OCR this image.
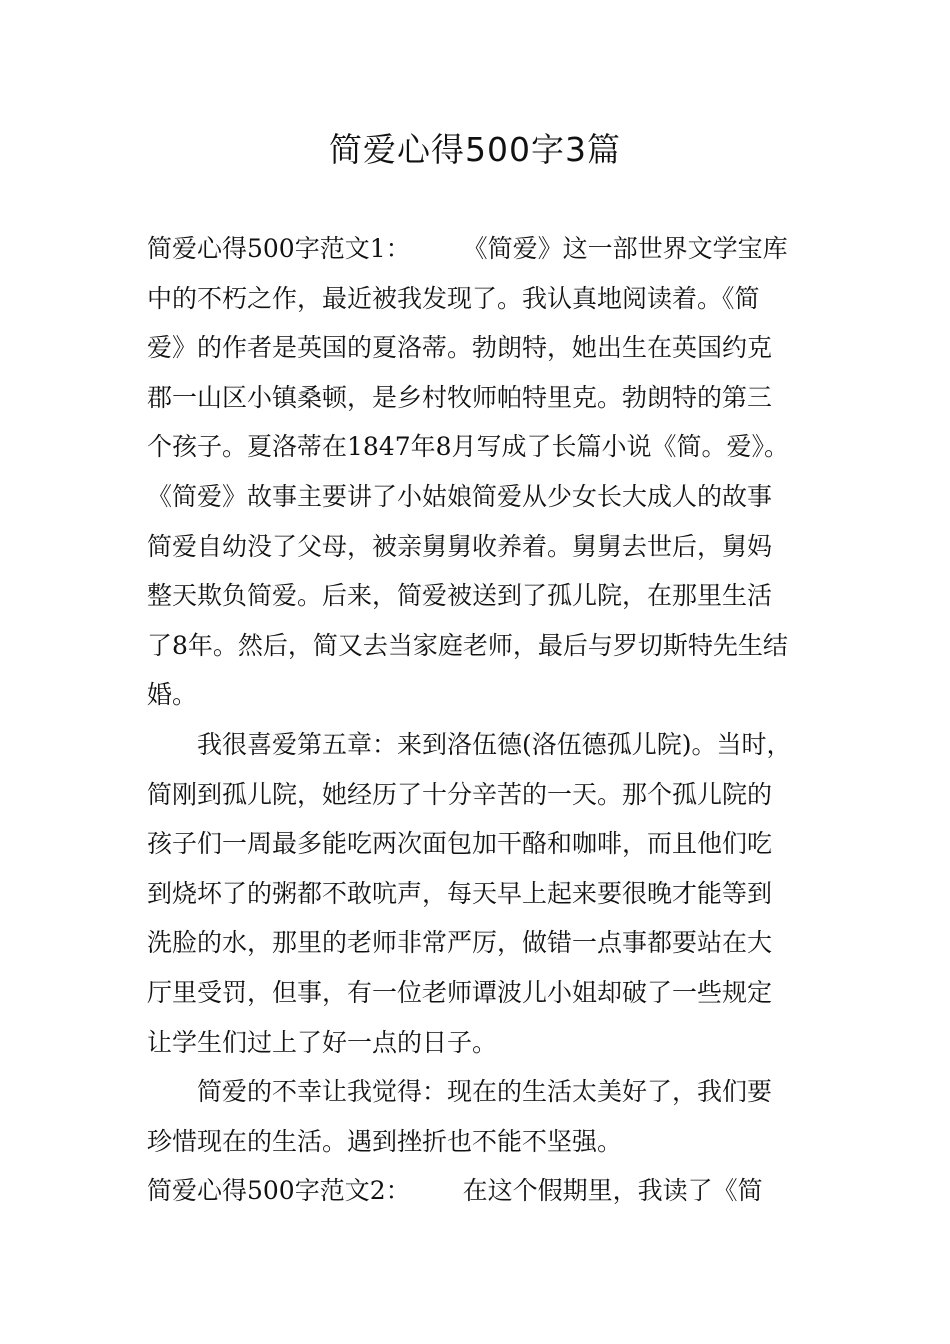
简爱心得500字3篇
简爱心得500字范文1： 《简爱》这一部世界文学宝库
中的不朽之作，最近被我发现了。我认真地阅读着。《简
爱》的作者是英国的夏洛蒂。勃朗特，她出生在英国约克
郡一山区小镇桑顿，是乡村牧师帕特里克。勃朗特的第三
个孩子。夏洛蒂在1847年8月写成了长篇小说《简。爱》。
《简爱》故事主要讲了小姑娘简爱从少女长大成人的故事
简爱自幼没了父母，被亲舅舅收养着。舅舅去世后，舅妈
整天欺负简爱。后来，简爱被送到了孤儿院，在那里生活
了8年。然后，简又去当家庭老师，最后与罗切斯特先生结
婚。
我很喜爱第五章：来到洛伍德(洛伍德孤儿院)。当时，
简刚到孤儿院，她经历了十分辛苦的一天。那个孤儿院的
孩子们一周最多能吃两次面包加干酪和咖啡，而且他们吃
到烧坏了的粥都不敢吭声，每天早上起来要很晚才能等到
洗脸的水，那里的老师非常严厉，做错一点事都要站在大
厅里受罚，但事，有一位老师谭波儿小姐却破了一些规定
让学生们过上了好一点的日子。
简爱的不幸让我觉得：现在的生活太美好了，我们要
珍惜现在的生活。遇到挫折也不能不坚强。
简爱心得500字范文2： 在这个假期里，我读了《简
